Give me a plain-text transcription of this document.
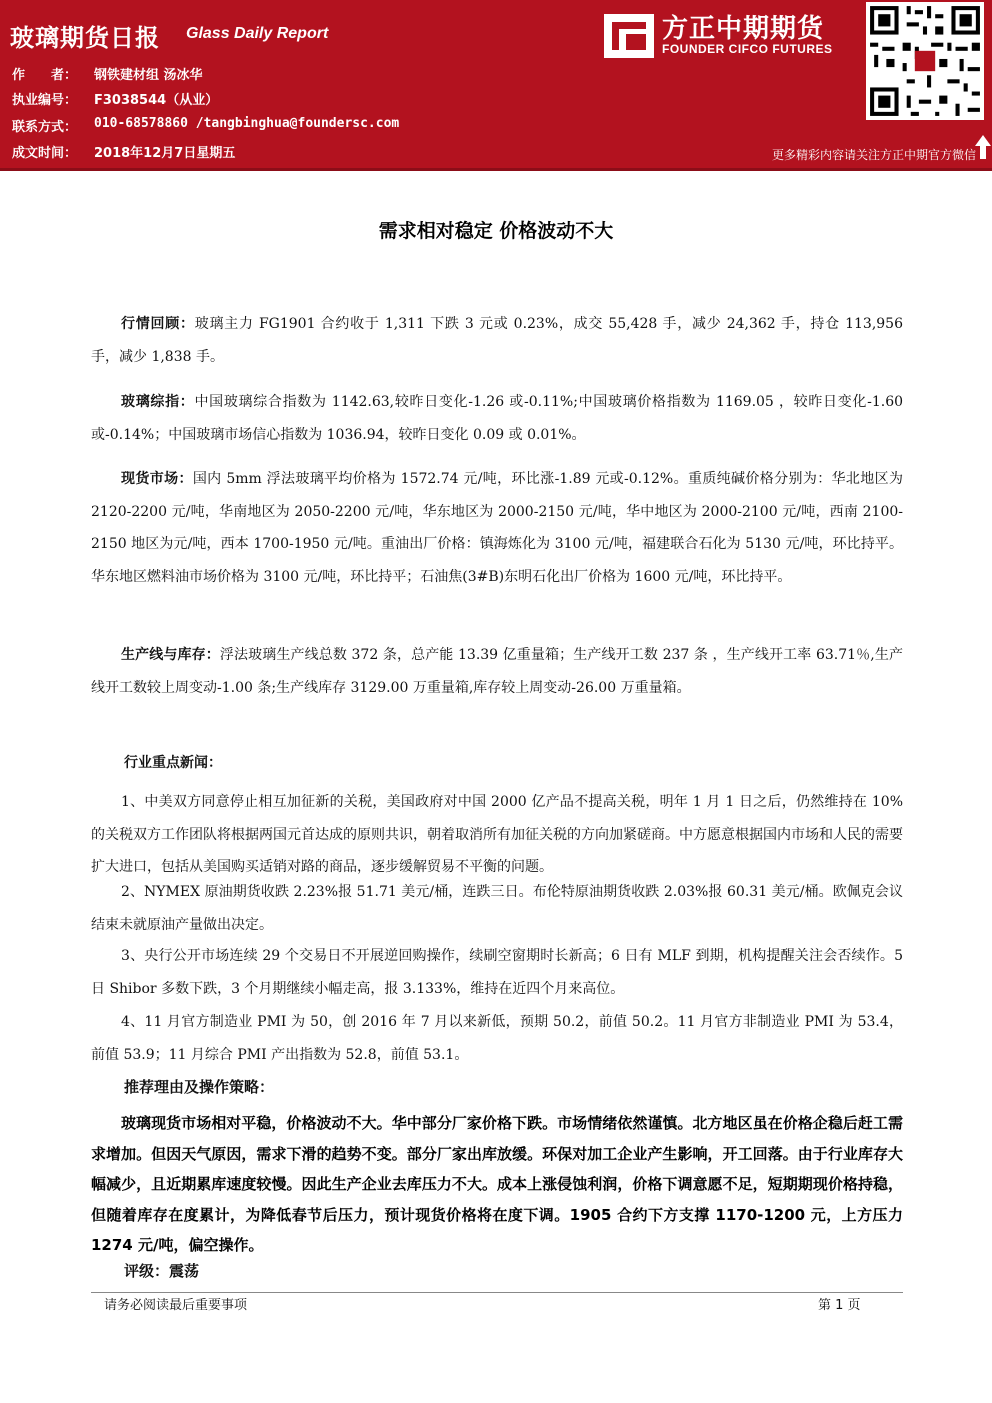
玻璃期货日报 Glass Daily Report
作　　者：	钢铁建材组 汤冰华
执业编号：	F3038544（从业）
联系方式：	010-68578860 /tangbinghua@foundersc.com
成文时间：	2018年12月7日星期五
方正中期期货
FOUNDER CIFCO FUTURES
更多精彩内容请关注方正中期官方微信
需求相对稳定 价格波动不大

行情回顾：玻璃主力 FG1901 合约收于 1,311 下跌 3 元或 0.23%，成交 55,428 手，减少 24,362 手，持仓 113,956 手，减少 1,838 手。

玻璃综指：中国玻璃综合指数为 1142.63,较昨日变化-1.26 或-0.11%;中国玻璃价格指数为 1169.05 ，较昨日变化-1.60 或-0.14%；中国玻璃市场信心指数为 1036.94，较昨日变化 0.09 或 0.01%。

现货市场：国内 5mm 浮法玻璃平均价格为 1572.74 元/吨，环比涨-1.89 元或-0.12%。重质纯碱价格分别为：华北地区为 2120-2200 元/吨，华南地区为 2050-2200 元/吨，华东地区为 2000-2150 元/吨，华中地区为 2000-2100 元/吨，西南 2100-2150 地区为元/吨，西本 1700-1950 元/吨。重油出厂价格：镇海炼化为 3100 元/吨，福建联合石化为 5130 元/吨，环比持平。华东地区燃料油市场价格为 3100 元/吨，环比持平；石油焦(3#B)东明石化出厂价格为 1600 元/吨，环比持平。

生产线与库存：浮法玻璃生产线总数 372 条，总产能 13.39 亿重量箱；生产线开工数 237 条 ，生产线开工率 63.71％,生产线开工数较上周变动-1.00 条;生产线库存 3129.00 万重量箱,库存较上周变动-26.00 万重量箱。

行业重点新闻：

1、中美双方同意停止相互加征新的关税，美国政府对中国 2000 亿产品不提高关税，明年 1 月 1 日之后，仍然维持在 10%的关税双方工作团队将根据两国元首达成的原则共识，朝着取消所有加征关税的方向加紧磋商。中方愿意根据国内市场和人民的需要扩大进口，包括从美国购买适销对路的商品，逐步缓解贸易不平衡的问题。

2、NYMEX 原油期货收跌 2.23%报 51.71 美元/桶，连跌三日。布伦特原油期货收跌 2.03%报 60.31 美元/桶。欧佩克会议结束未就原油产量做出决定。

3、央行公开市场连续 29 个交易日不开展逆回购操作，续刷空窗期时长新高；6 日有 MLF 到期，机构提醒关注会否续作。5 日 Shibor 多数下跌，3 个月期继续小幅走高，报 3.133%，维持在近四个月来高位。

4、11 月官方制造业 PMI 为 50，创 2016 年 7 月以来新低，预期 50.2，前值 50.2。11 月官方非制造业 PMI 为 53.4，前值 53.9；11 月综合 PMI 产出指数为 52.8，前值 53.1。

推荐理由及操作策略：

玻璃现货市场相对平稳，价格波动不大。华中部分厂家价格下跌。市场情绪依然谨慎。北方地区虽在价格企稳后赶工需求增加。但因天气原因，需求下滑的趋势不变。部分厂家出库放缓。环保对加工企业产生影响，开工回落。由于行业库存大幅减少，且近期累库速度较慢。因此生产企业去库压力不大。成本上涨侵蚀利润，价格下调意愿不足，短期期现价格持稳，但随着库存在度累计，为降低春节后压力，预计现货价格将在度下调。1905 合约下方支撑 1170-1200 元，上方压力 1274 元/吨，偏空操作。

评级：震荡
请务必阅读最后重要事项	第 1 页
